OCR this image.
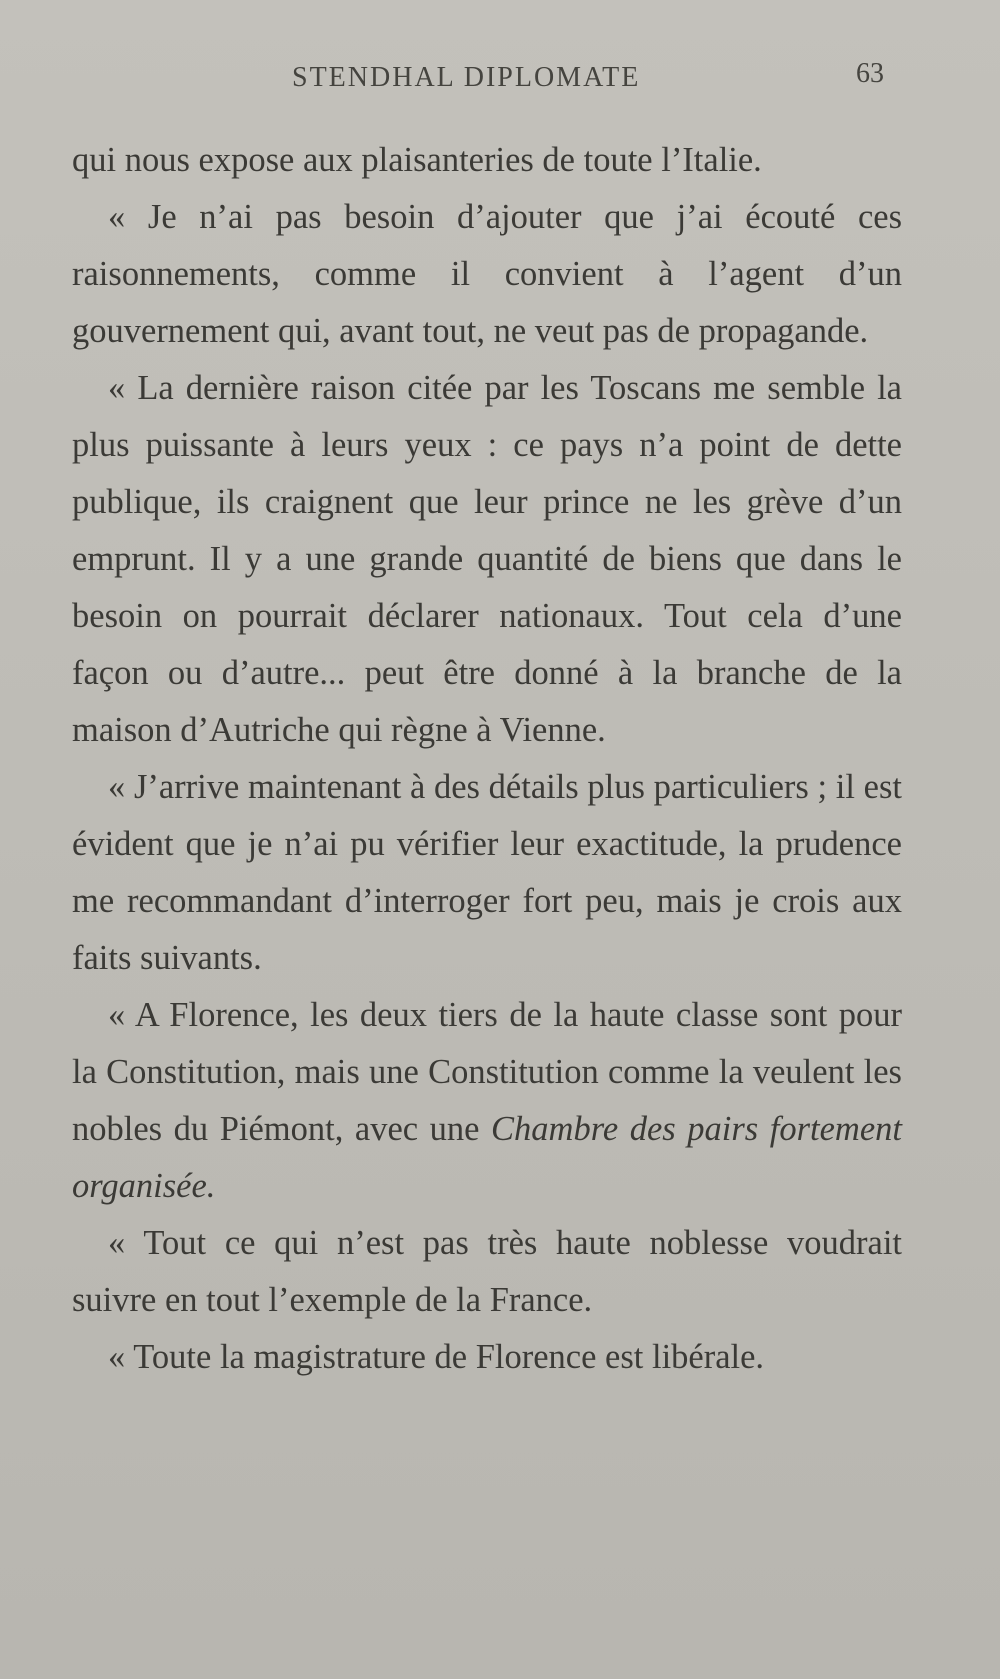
STENDHAL DIPLOMATE	63

qui nous expose aux plaisanteries de toute l’Italie.

« Je n’ai pas besoin d’ajouter que j’ai écouté ces raisonnements, comme il convient à l’agent d’un gouvernement qui, avant tout, ne veut pas de propagande.

« La dernière raison citée par les Toscans me semble la plus puissante à leurs yeux : ce pays n’a point de dette publique, ils craignent que leur prince ne les grève d’un emprunt. Il y a une grande quantité de biens que dans le besoin on pourrait déclarer nationaux. Tout cela d’une façon ou d’autre... peut être donné à la branche de la maison d’Autriche qui règne à Vienne.

« J’arrive maintenant à des détails plus particuliers ; il est évident que je n’ai pu vérifier leur exactitude, la prudence me recommandant d’interroger fort peu, mais je crois aux faits suivants.

« A Florence, les deux tiers de la haute classe sont pour la Constitution, mais une Constitution comme la veulent les nobles du Piémont, avec une Chambre des pairs fortement organisée.

« Tout ce qui n’est pas très haute noblesse voudrait suivre en tout l’exemple de la France.

« Toute la magistrature de Florence est libérale.
